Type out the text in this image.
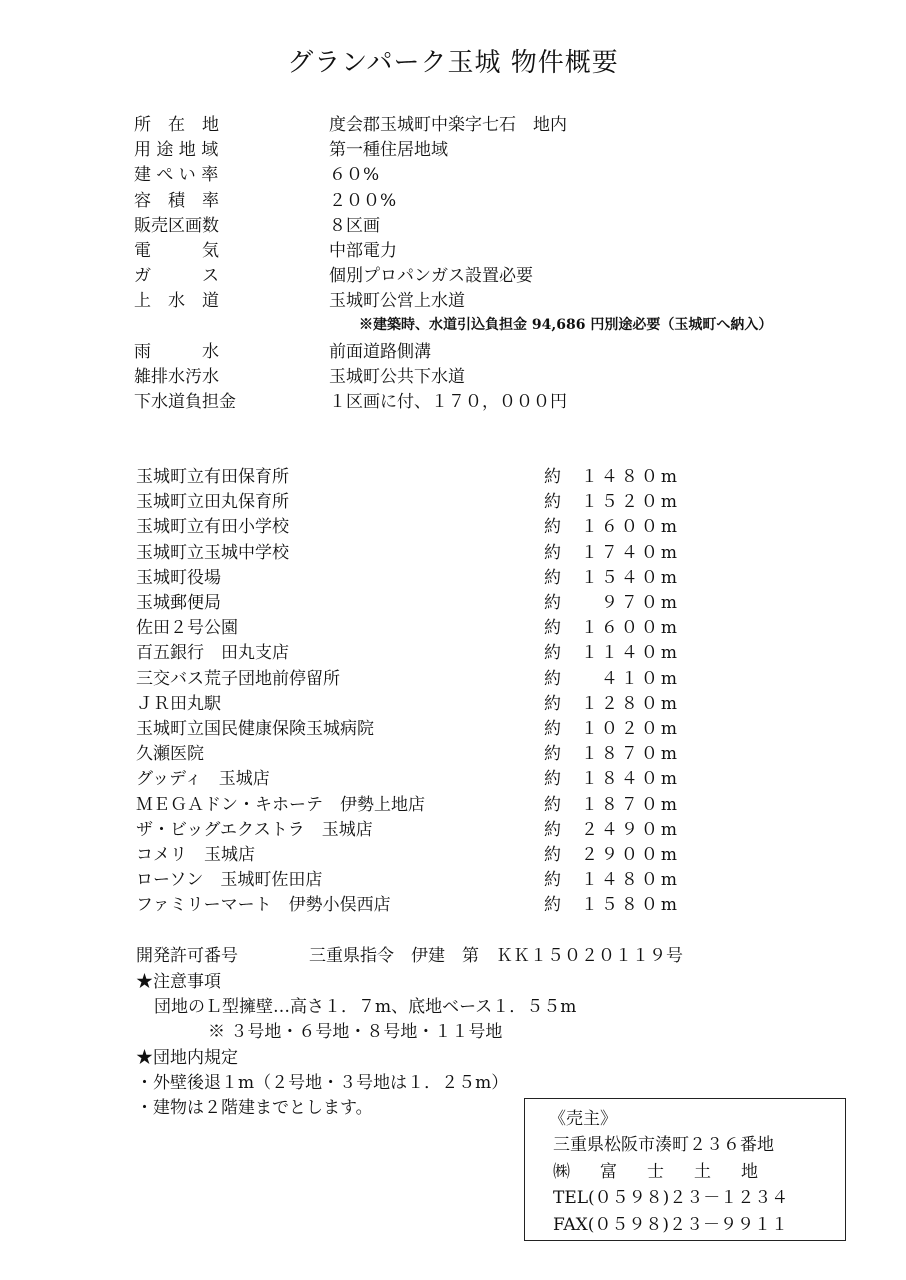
グランパーク玉城 物件概要
所　在　地	度会郡玉城町中楽字七石　地内
用 途 地 域	第一種住居地域
建 ぺ い 率	６０%
容　積　率	２００%
販売区画数	８区画
電　　　気	中部電力
ガ　　　ス	個別プロパンガス設置必要
上　水　道	玉城町公営上水道
※建築時、水道引込負担金 94,686 円別途必要（玉城町へ納入）
雨　　　水	前面道路側溝
雑排水汚水	玉城町公共下水道
下水道負担金	１区画に付、１７０，０００円
玉城町立有田保育所	約	１４８０m
玉城町立田丸保育所	約	１５２０m
玉城町立有田小学校	約	１６００m
玉城町立玉城中学校	約	１７４０m
玉城町役場	約	１５４０m
玉城郵便局	約	９７０m
佐田２号公園	約	１６００m
百五銀行　田丸支店	約	１１４０m
三交バス荒子団地前停留所	約	４１０m
ＪＲ田丸駅	約	１２８０m
玉城町立国民健康保険玉城病院	約	１０２０m
久瀬医院	約	１８７０m
グッディ　玉城店	約	１８４０m
ＭＥＧＡドン・キホーテ　伊勢上地店	約	１８７０m
ザ・ビッグエクストラ　玉城店	約	２４９０m
コメリ　玉城店	約	２９００m
ローソン　玉城町佐田店	約	１４８０m
ファミリーマート　伊勢小俣西店	約	１５８０m
開発許可番号	三重県指令　伊建　第　ＫＫ１５０２０１１９号
★注意事項
団地のＬ型擁壁…高さ１．７m、底地ベース１．５５m
※ ３号地・６号地・８号地・１１号地
★団地内規定
・外壁後退１m（２号地・３号地は１．２５m）
・建物は２階建までとします。
《売主》
三重県松阪市湊町２３６番地
㈱ 富 士 土 地
TEL(０５９８)２３－１２３４
FAX(０５９８)２３－９９１１
